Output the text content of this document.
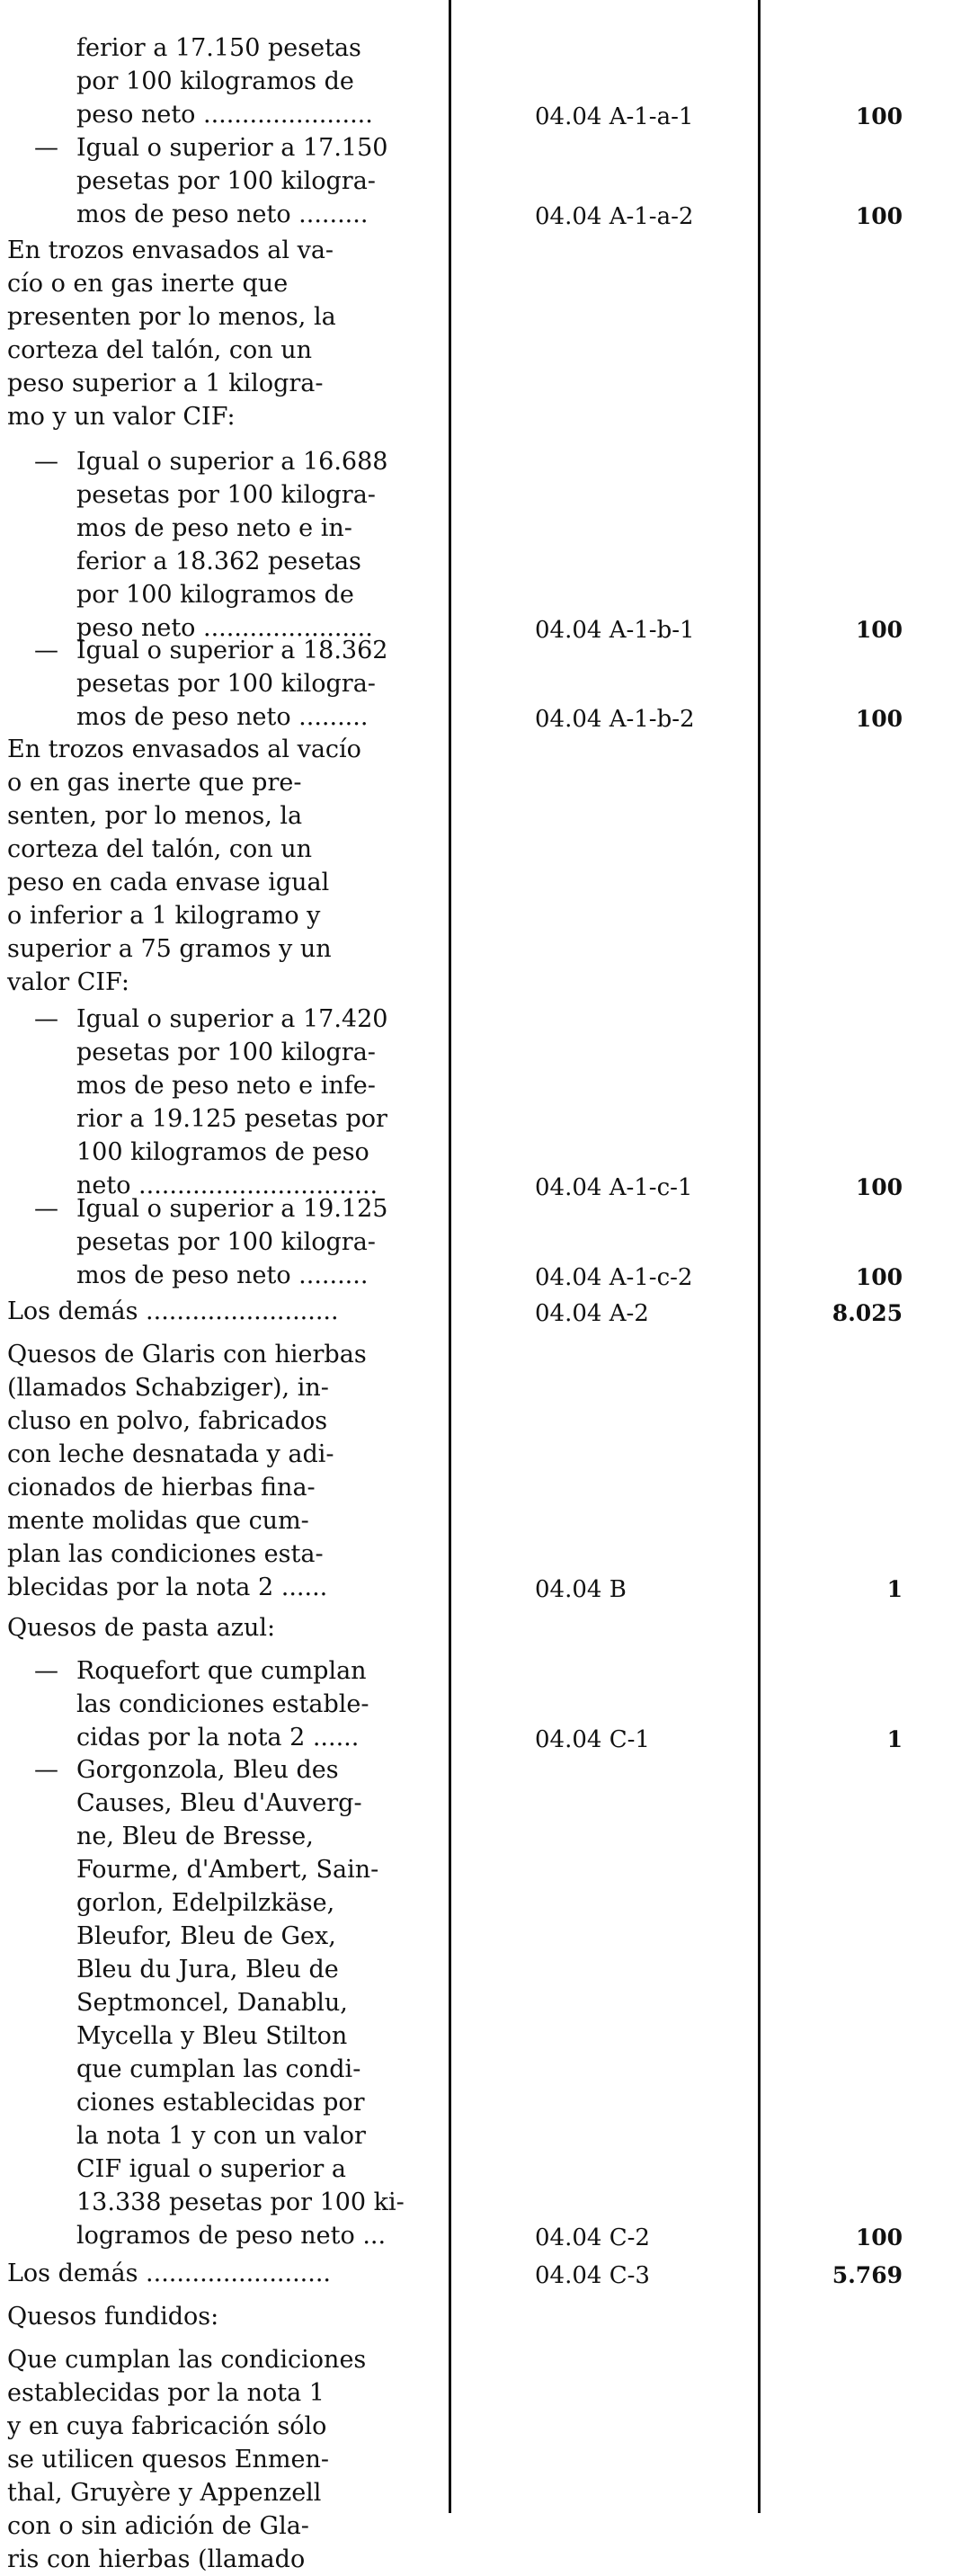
ferior a 17.150 pesetas
por 100 kilogramos de
peso neto ......................	04.04 A-1-a-1	100
— Igual o superior a 17.150
pesetas por 100 kilogra-
mos de peso neto .........	04.04 A-1-a-2	100
En trozos envasados al va-
cío o en gas inerte que
presenten por lo menos, la
corteza del talón, con un
peso superior a 1 kilogra-
mo y un valor CIF:
— Igual o superior a 16.688
pesetas por 100 kilogra-
mos de peso neto e in-
ferior a 18.362 pesetas
por 100 kilogramos de
peso neto ......................	04.04 A-1-b-1	100
— Igual o superior a 18.362
pesetas por 100 kilogra-
mos de peso neto .........	04.04 A-1-b-2	100
En trozos envasados al vacío
o en gas inerte que pre-
senten, por lo menos, la
corteza del talón, con un
peso en cada envase igual
o inferior a 1 kilogramo y
superior a 75 gramos y un
valor CIF:
— Igual o superior a 17.420
pesetas por 100 kilogra-
mos de peso neto e infe-
rior a 19.125 pesetas por
100 kilogramos de peso
neto ...............................	04.04 A-1-c-1	100
— Igual o superior a 19.125
pesetas por 100 kilogra-
mos de peso neto .........	04.04 A-1-c-2	100
Los demás .........................	04.04 A-2	8.025
Quesos de Glaris con hierbas
(llamados Schabziger), in-
cluso en polvo, fabricados
con leche desnatada y adi-
cionados de hierbas fina-
mente molidas que cum-
plan las condiciones esta-
blecidas por la nota 2 ......	04.04 B	1
Quesos de pasta azul:
— Roquefort que cumplan
las condiciones estable-
cidas por la nota 2 ......	04.04 C-1	1
— Gorgonzola, Bleu des
Causes, Bleu d'Auverg-
ne, Bleu de Bresse,
Fourme, d'Ambert, Sain-
gorlon, Edelpilzkäse,
Bleufor, Bleu de Gex,
Bleu du Jura, Bleu de
Septmoncel, Danablu,
Mycella y Bleu Stilton
que cumplan las condi-
ciones establecidas por
la nota 1 y con un valor
CIF igual o superior a
13.338 pesetas por 100 ki-
logramos de peso neto ...	04.04 C-2	100
Los demás ........................	04.04 C-3	5.769
Quesos fundidos:
Que cumplan las condiciones
establecidas por la nota 1
y en cuya fabricación sólo
se utilicen quesos Enmen-
thal, Gruyère y Appenzell
con o sin adición de Gla-
ris con hierbas (llamado
